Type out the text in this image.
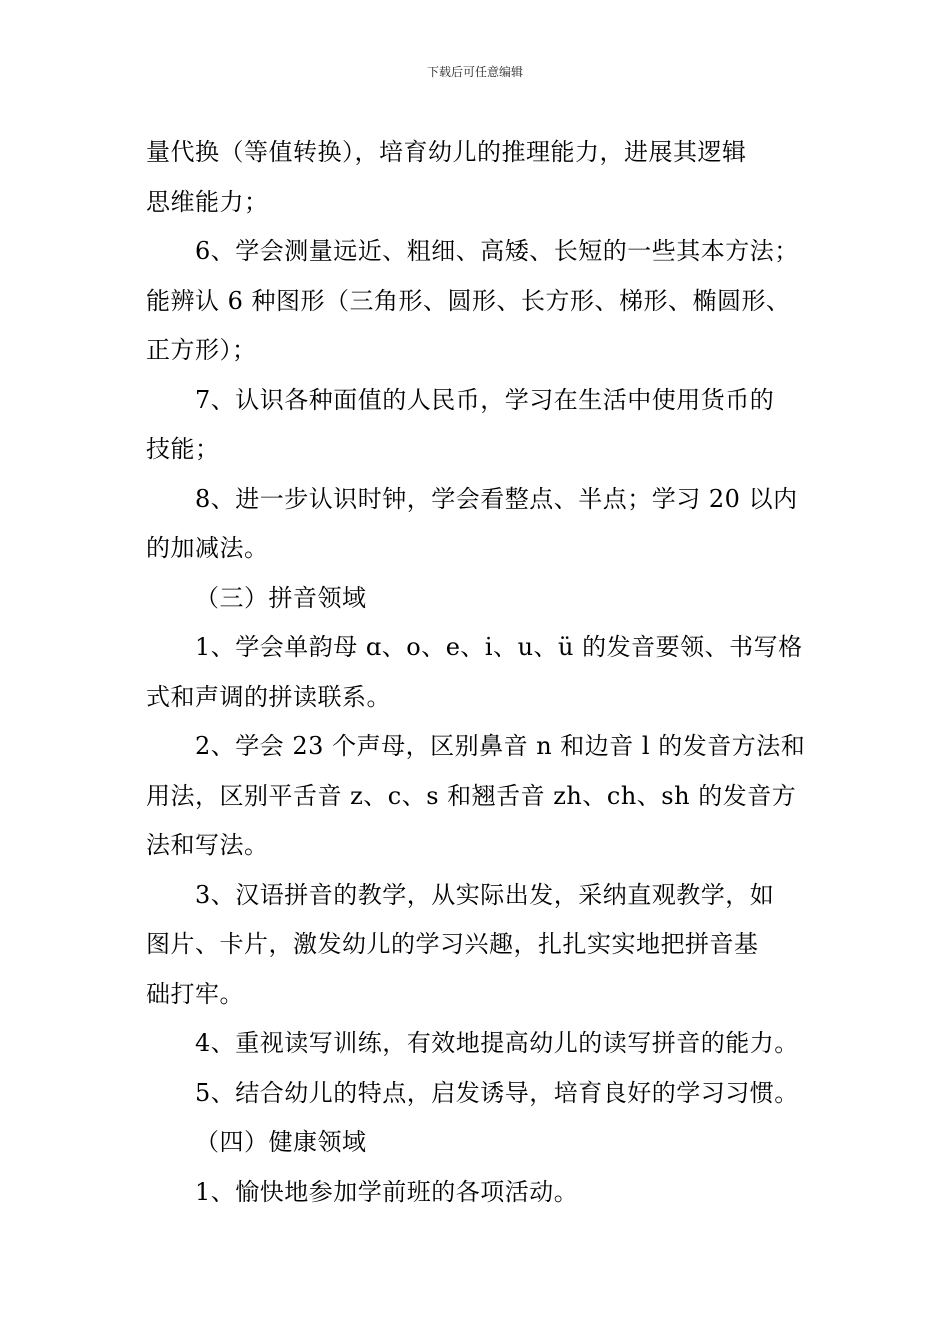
下载后可任意编辑
量代换（等值转换），培育幼儿的推理能力，进展其逻辑
思维能力；
6、学会测量远近、粗细、高矮、长短的一些其本方法；
能辨认 6 种图形（三角形、圆形、长方形、梯形、椭圆形、
正方形）；
7、认识各种面值的人民币，学习在生活中使用货币的
技能；
8、进一步认识时钟，学会看整点、半点；学习 20 以内
的加减法。
（三）拼音领域
1、学会单韵母 ɑ、o、e、i、u、ü 的发音要领、书写格
式和声调的拼读联系。
2、学会 23 个声母，区别鼻音 n 和边音 l 的发音方法和
用法，区别平舌音 z、c、s 和翘舌音 zh、ch、sh 的发音方
法和写法。
3、汉语拼音的教学，从实际出发，采纳直观教学，如
图片、卡片，激发幼儿的学习兴趣，扎扎实实地把拼音基
础打牢。
4、重视读写训练，有效地提高幼儿的读写拼音的能力。
5、结合幼儿的特点，启发诱导，培育良好的学习习惯。
（四）健康领域
1、愉快地参加学前班的各项活动。
